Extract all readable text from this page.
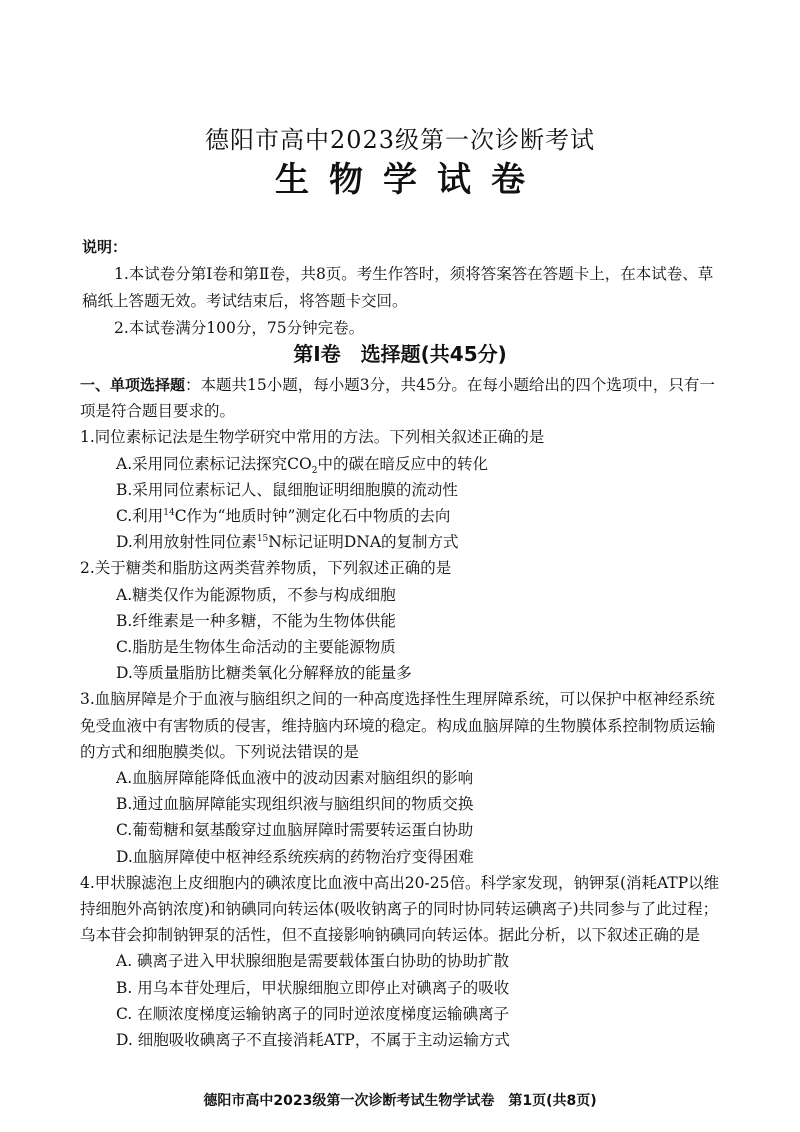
德阳市高中2023级第一次诊断考试
生物学试卷
说明：
1.本试卷分第Ⅰ卷和第Ⅱ卷，共8页。考生作答时，须将答案答在答题卡上，在本试卷、草稿纸上答题无效。考试结束后，将答题卡交回。
2.本试卷满分100分，75分钟完卷。
第Ⅰ卷　选择题(共45分)

一、单项选择题：本题共15小题，每小题3分，共45分。在每小题给出的四个选项中，只有一项是符合题目要求的。

1.同位素标记法是生物学研究中常用的方法。下列相关叙述正确的是

A.采用同位素标记法探究$CO_2$中的碳在暗反应中的转化

B.采用同位素标记人、鼠细胞证明细胞膜的流动性

C.利用$^{14}$C作为“地质时钟”测定化石中物质的去向

D.利用放射性同位素$^{15}$N标记证明DNA的复制方式

2.关于糖类和脂肪这两类营养物质，下列叙述正确的是

A.糖类仅作为能源物质，不参与构成细胞

B.纤维素是一种多糖，不能为生物体供能

C.脂肪是生物体生命活动的主要能源物质

D.等质量脂肪比糖类氧化分解释放的能量多

3.血脑屏障是介于血液与脑组织之间的一种高度选择性生理屏障系统，可以保护中枢神经系统免受血液中有害物质的侵害，维持脑内环境的稳定。构成血脑屏障的生物膜体系控制物质运输的方式和细胞膜类似。下列说法错误的是

A.血脑屏障能降低血液中的波动因素对脑组织的影响

B.通过血脑屏障能实现组织液与脑组织间的物质交换

C.葡萄糖和氨基酸穿过血脑屏障时需要转运蛋白协助

D.血脑屏障使中枢神经系统疾病的药物治疗变得困难

4.甲状腺滤泡上皮细胞内的碘浓度比血液中高出20-25倍。科学家发现，钠钾泵(消耗ATP以维持细胞外高钠浓度)和钠碘同向转运体(吸收钠离子的同时协同转运碘离子)共同参与了此过程；乌本苷会抑制钠钾泵的活性，但不直接影响钠碘同向转运体。据此分析，以下叙述正确的是

A. 碘离子进入甲状腺细胞是需要载体蛋白协助的协助扩散

B. 用乌本苷处理后，甲状腺细胞立即停止对碘离子的吸收

C. 在顺浓度梯度运输钠离子的同时逆浓度梯度运输碘离子

D. 细胞吸收碘离子不直接消耗ATP，不属于主动运输方式

德阳市高中2023级第一次诊断考试生物学试卷　第1页(共8页)
